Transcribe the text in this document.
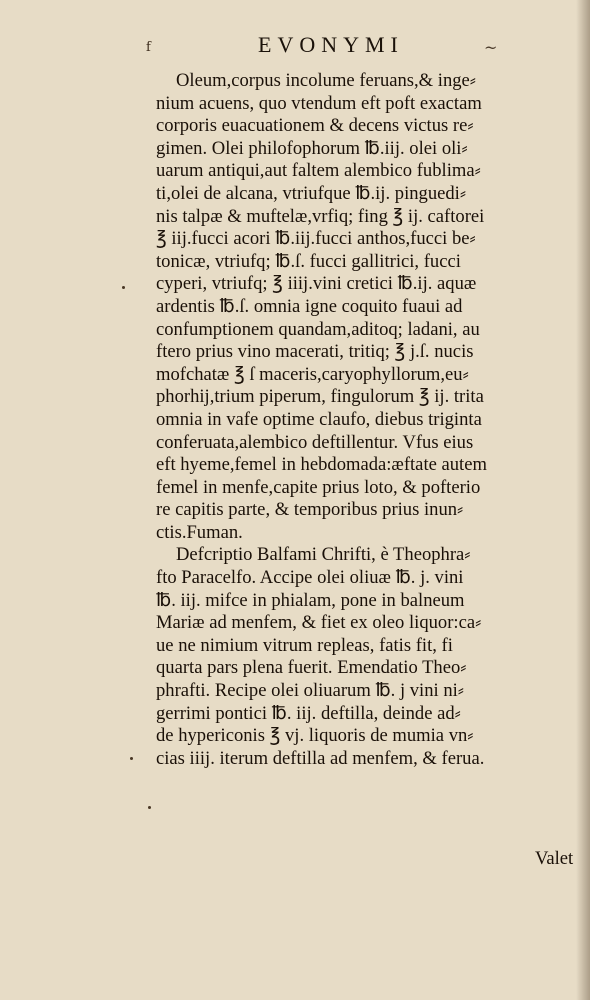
f	EVONYMI	~
Oleum,corpus incolume feruans,& inge⸗
nium acuens, quo vtendum eft poft exactam
corporis euacuationem & decens victus re⸗
gimen. Olei philofophorum ℔.iij. olei oli⸗
uarum antiqui,aut faltem alembico fublima⸗
ti,olei de alcana, vtriufque ℔.ij. pinguedi⸗
nis talpæ & muftelæ,vrfiq; fing ℥ ij. caftorei
℥ iij.fucci acori ℔.iij.fucci anthos,fucci be⸗
tonicæ, vtriufq; ℔.ſ. fucci gallitrici, fucci
cyperi, vtriufq; ℥ iiij.vini cretici ℔.ij. aquæ
ardentis ℔.ſ. omnia igne coquito fuaui ad
confumptionem quandam,aditoq; ladani, au
ftero prius vino macerati, tritiq; ℥ j.ſ. nucis
mofchatæ ℥ ſ maceris,caryophyllorum,eu⸗
phorhij,trium piperum, fingulorum ℥ ij. trita
omnia in vafe optime claufo, diebus triginta
conferuata,alembico deftillentur. Vfus eius
eft hyeme,femel in hebdomada:æftate autem
femel in menfe,capite prius loto, & pofterio
re capitis parte, & temporibus prius inun⸗
ctis.Fuman.
Defcriptio Balfami Chrifti, è Theophra⸗
fto Paracelfo. Accipe olei oliuæ ℔. j. vini
℔. iij. mifce in phialam, pone in balneum
Mariæ ad menfem, & fiet ex oleo liquor:ca⸗
ue ne nimium vitrum repleas, fatis fit, fi
quarta pars plena fuerit. Emendatio Theo⸗
phrafti. Recipe olei oliuarum ℔. j vini ni⸗
gerrimi pontici ℔. iij. deftilla, deinde ad⸗
de hypericonis ℥ vj. liquoris de mumia vn⸗
cias iiij. iterum deftilla ad menfem, & ferua.
Valet
